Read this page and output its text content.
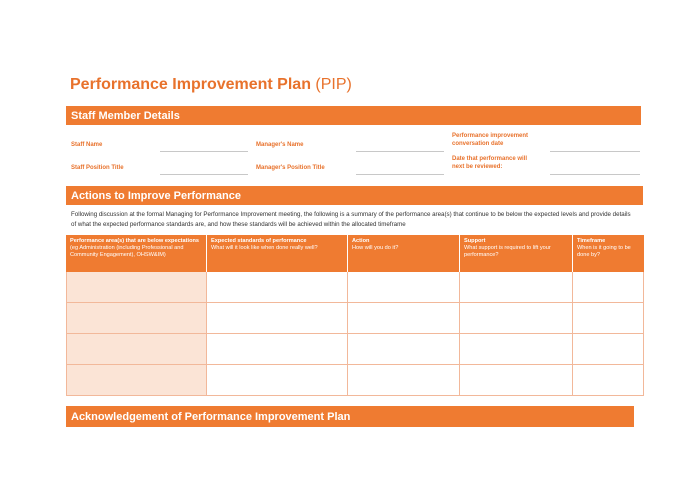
Performance Improvement Plan (PIP)
Staff Member Details
Staff Name	Manager's Name
Performance improvement
conversation date
Staff Position Title	Manager's Position Title
Date that performance will
next be reviewed:
Actions to Improve Performance
Following discussion at the formal Managing for Performance Improvement meeting, the following is a summary of the performance area(s) that continue to be below the expected levels and provide details of what the expected performance standards are, and how these standards will be achieved within the allocated timeframe
Performance area(s) that are below expectations
(eg Administration (including Professional and Community Engagement), OHSW&IM)
Expected standards of performance
What will it look like when done really well?
Action
How will you do it?
Support
What support is required to lift your performance?
Timeframe
When is it going to be done by?
Acknowledgement of Performance Improvement Plan
